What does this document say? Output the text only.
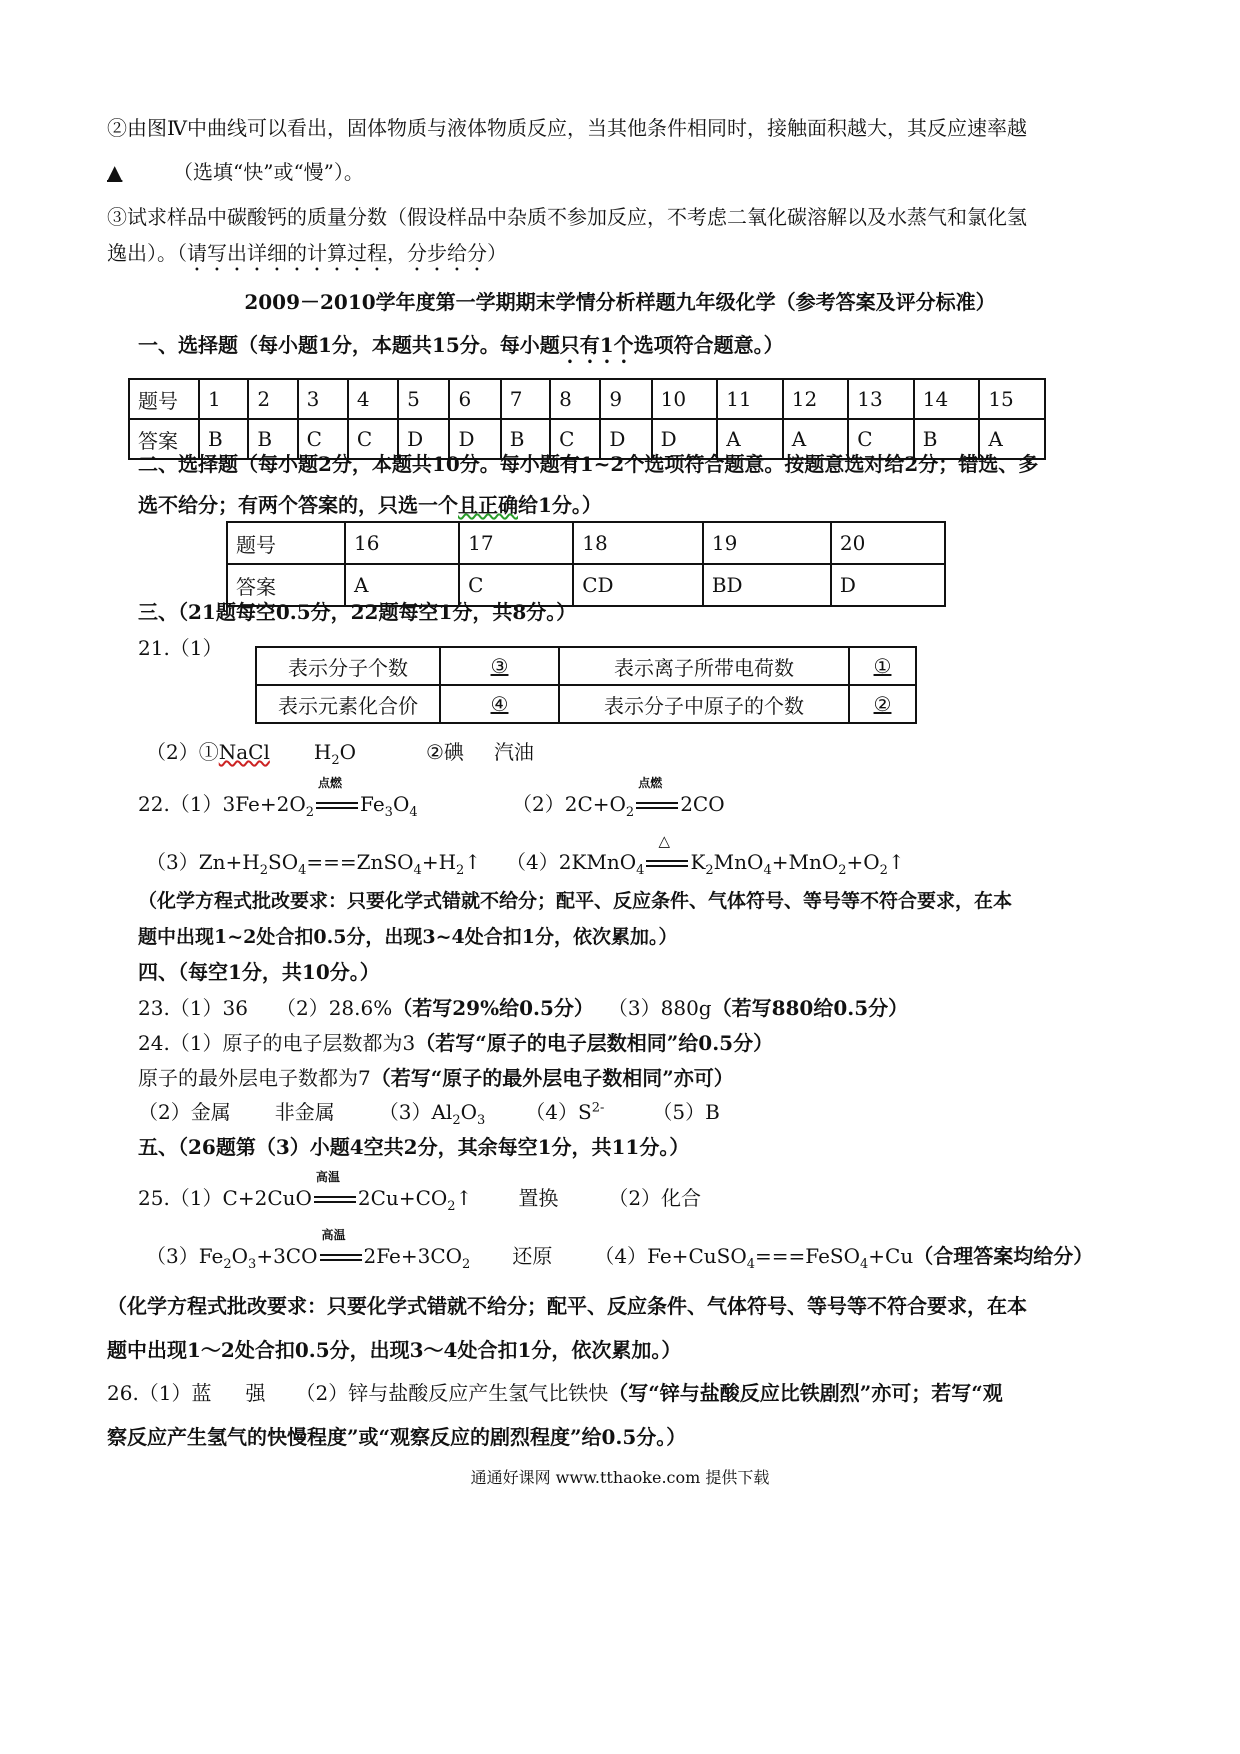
②由图Ⅳ中曲线可以看出，固体物质与液体物质反应，当其他条件相同时，接触面积越大，其反应速率越
▲	（选填“快”或“慢”）。
③试求样品中碳酸钙的质量分数（假设样品中杂质不参加反应，不考虑二氧化碳溶解以及水蒸气和氯化氢
逸出）。（请写出详细的计算过程，分步给分）
2009－2010学年度第一学期期末学情分析样题九年级化学（参考答案及评分标准）
一、选择题（每小题1分，本题共15分。每小题只有1个选项符合题意。）
题号	1	2	3	4	5	6	7	8	9	10	11	12	13	14	15
答案	B	B	C	C	D	D	B	C	D	D	A	A	C	B	A
二、选择题（每小题2分，本题共10分。每小题有1~2个选项符合题意。按题意选对给2分；错选、多
选不给分；有两个答案的，只选一个且正确给1分。）
题号	16	17	18	19	20
答案	A	C	CD	BD	D
三、（21题每空0.5分，22题每空1分，共8分。）
21.（1）
表示分子个数	③	表示离子所带电荷数	①
表示元素化合价	④	表示分子中原子的个数	②
（2）①NaCl $H_2O$	②碘 汽油
$22.(1)3Fe+2O_2$
点燃
$Fe_3O_4$	$(2)2C+O_2$
点燃
2CO
$(3)Zn+H_2SO_4===ZnSO_4+H_2↑$ （4）2KMnO$_4$
△
$K_2MnO_4+MnO_2+O_2↑$
（化学方程式批改要求：只要化学式错就不给分；配平、反应条件、气体符号、等号等不符合要求，在本
题中出现1~2处合扣0.5分，出现3~4处合扣1分，依次累加。）
四、（每空1分，共10分。）
23.（1）36 （2）28.6%（若写29%给0.5分） （3）880g（若写880给0.5分）
24.（1）原子的电子层数都为3（若写“原子的电子层数相同”给0.5分）
原子的最外层电子数都为7（若写“原子的最外层电子数相同”亦可）
（2）金属 非金属 $(3)Al_2O_3$ $(4)S^{2-}$ （5）B
五、（26题第（3）小题4空共2分，其余每空1分，共11分。）
25.（1）C+2CuO
高温
$2Cu+CO_2↑$ 置换	（2）化合
$(3)Fe_2O_3+3CO$
高温
$2Fe+3CO_2$ 还原 （4）Fe+CuSO$_4$===FeSO$_4$+Cu（合理答案均给分）
（化学方程式批改要求：只要化学式错就不给分；配平、反应条件、气体符号、等号等不符合要求，在本
题中出现1～2处合扣0.5分，出现3～4处合扣1分，依次累加。）
26.（1）蓝 强 （2）锌与盐酸反应产生氢气比铁快（写“锌与盐酸反应比铁剧烈”亦可；若写“观
察反应产生氢气的快慢程度”或“观察反应的剧烈程度”给0.5分。）
通通好课网 www.tthaoke.com 提供下载
